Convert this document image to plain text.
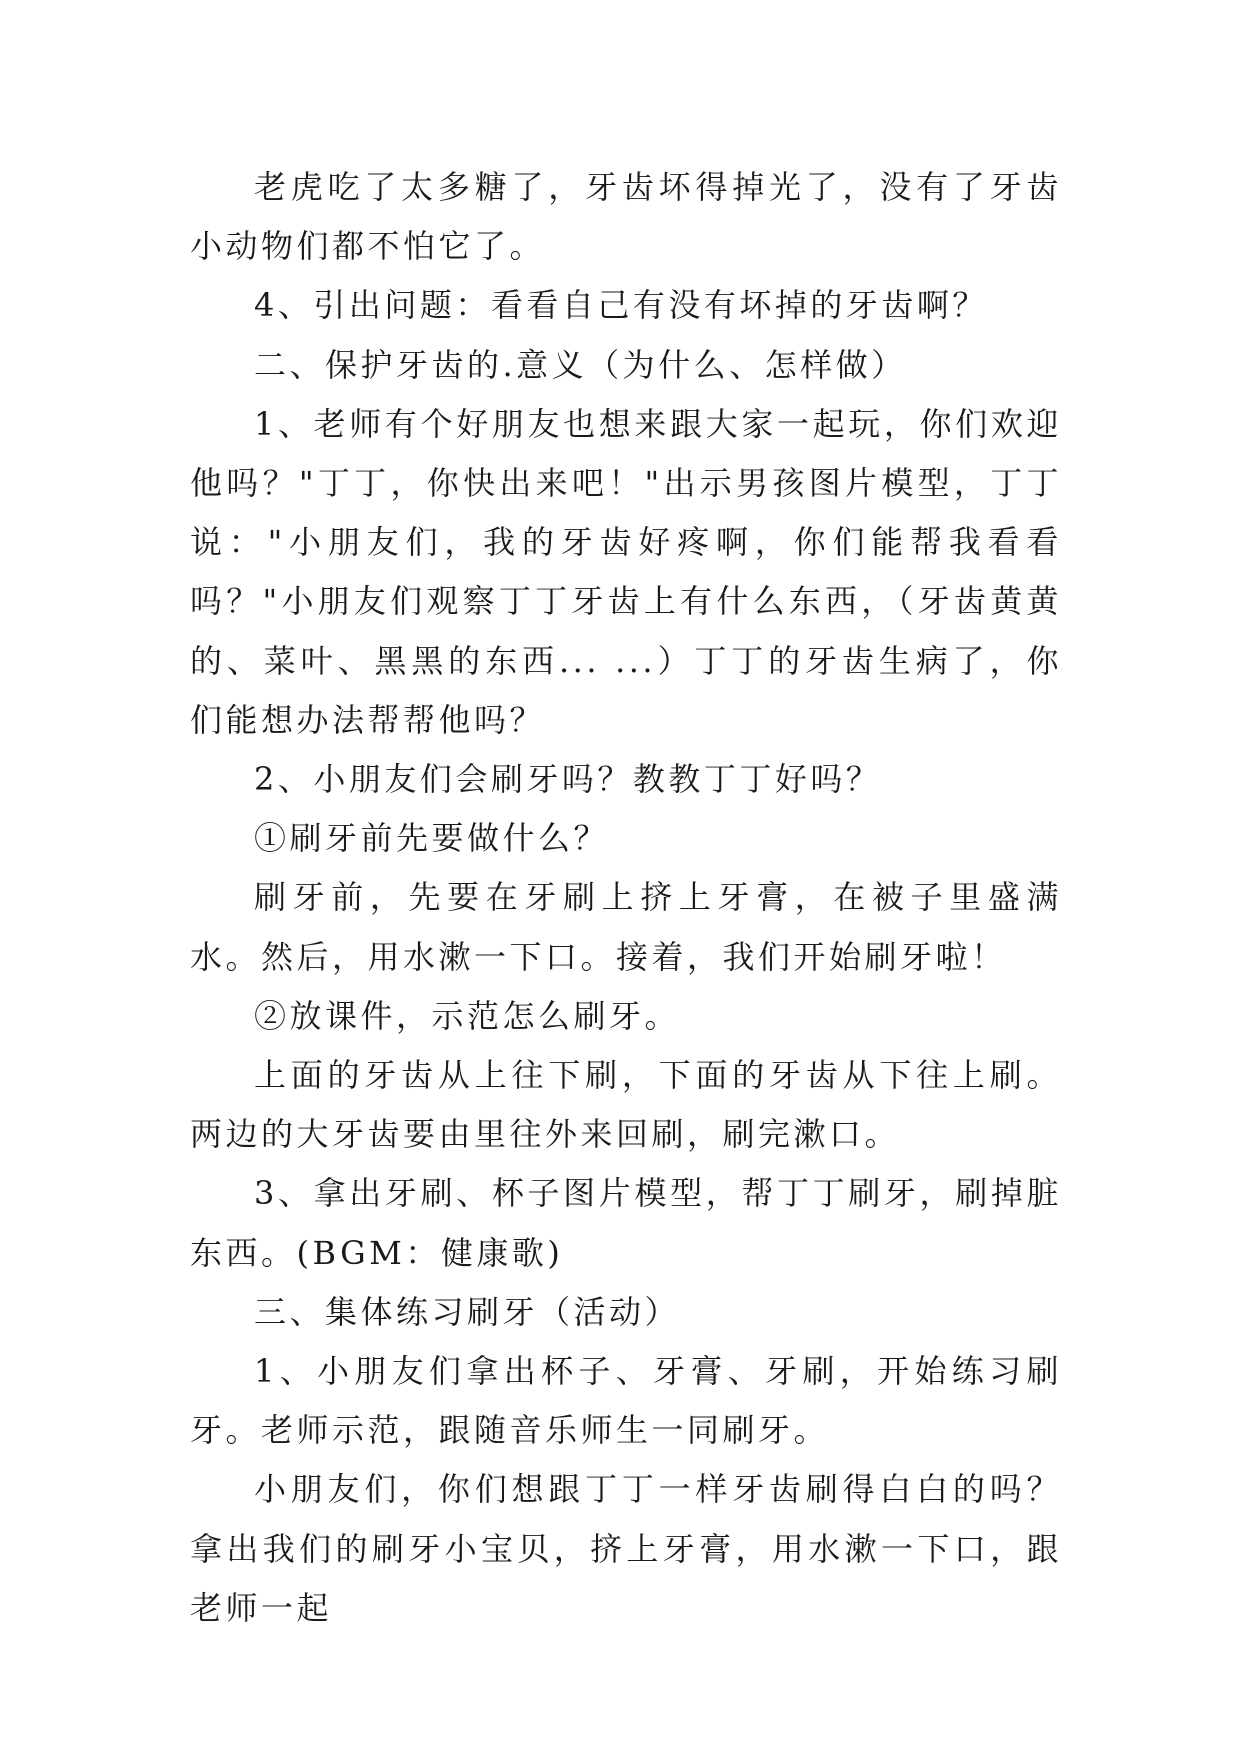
老虎吃了太多糖了，牙齿坏得掉光了，没有了牙齿小动物们都不怕它了。

4、引出问题：看看自己有没有坏掉的牙齿啊？

二、保护牙齿的.意义（为什么、怎样做）

1、老师有个好朋友也想来跟大家一起玩，你们欢迎他吗？"丁丁，你快出来吧！"出示男孩图片模型，丁丁说："小朋友们，我的牙齿好疼啊，你们能帮我看看吗？"小朋友们观察丁丁牙齿上有什么东西，（牙齿黄黄的、菜叶、黑黑的东西... ...）丁丁的牙齿生病了，你们能想办法帮帮他吗？

2、小朋友们会刷牙吗？教教丁丁好吗？

①刷牙前先要做什么？

刷牙前，先要在牙刷上挤上牙膏，在被子里盛满水。然后，用水漱一下口。接着，我们开始刷牙啦！

②放课件，示范怎么刷牙。

上面的牙齿从上往下刷，下面的牙齿从下往上刷。两边的大牙齿要由里往外来回刷，刷完漱口。

3、拿出牙刷、杯子图片模型，帮丁丁刷牙，刷掉脏东西。(BGM：健康歌)

三、集体练习刷牙（活动）

1、小朋友们拿出杯子、牙膏、牙刷，开始练习刷牙。老师示范，跟随音乐师生一同刷牙。

小朋友们，你们想跟丁丁一样牙齿刷得白白的吗？拿出我们的刷牙小宝贝，挤上牙膏，用水漱一下口，跟老师一起
